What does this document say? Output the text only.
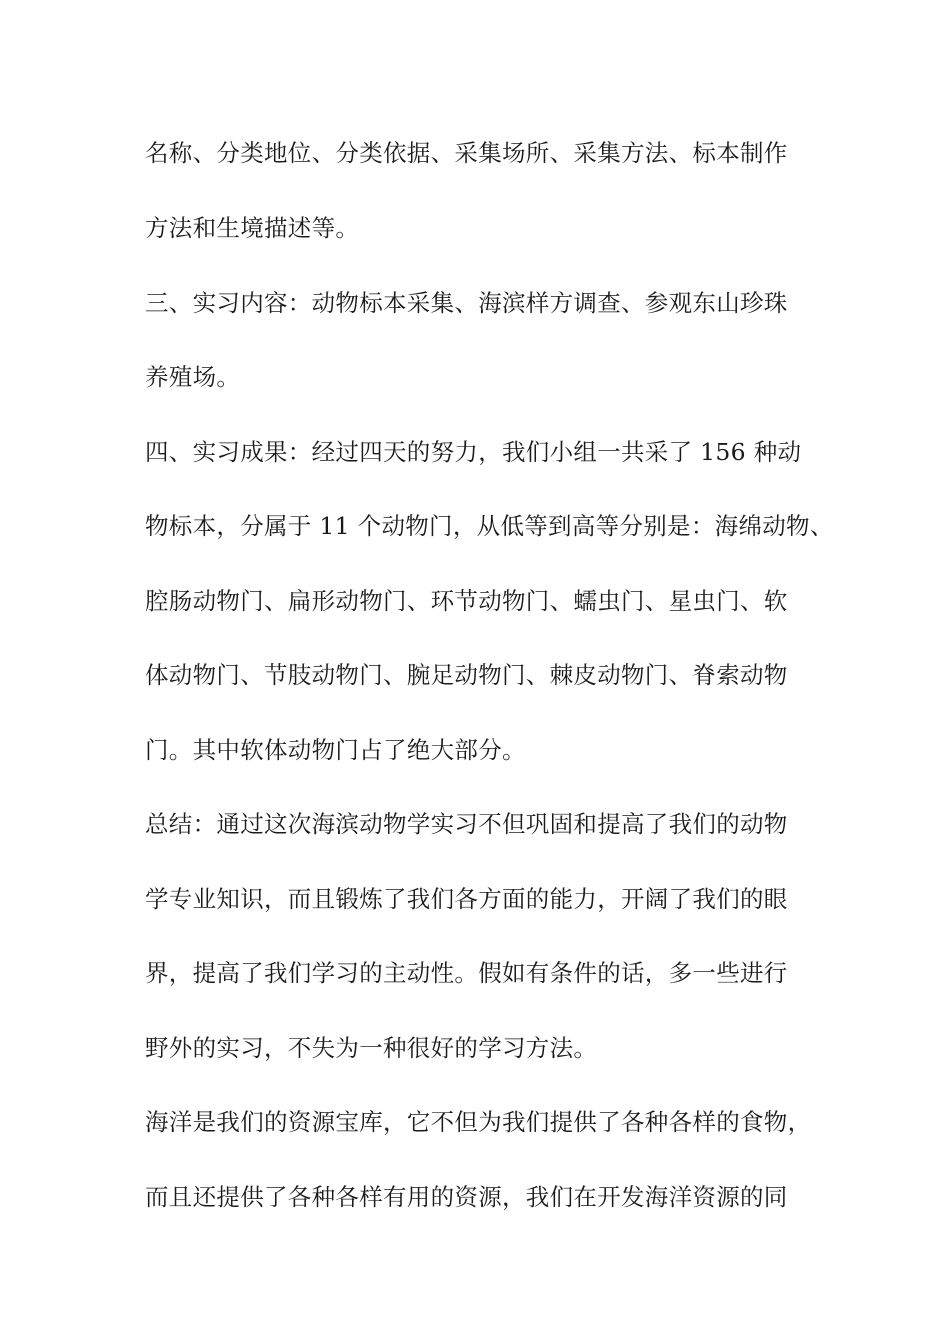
名称、分类地位、分类依据、采集场所、采集方法、标本制作
方法和生境描述等。
三、实习内容：动物标本采集、海滨样方调查、参观东山珍珠
养殖场。
四、实习成果：经过四天的努力，我们小组一共采了 156 种动
物标本，分属于 11 个动物门，从低等到高等分别是：海绵动物、
腔肠动物门、扁形动物门、环节动物门、蠕虫门、星虫门、软
体动物门、节肢动物门、腕足动物门、棘皮动物门、脊索动物
门。其中软体动物门占了绝大部分。
总结：通过这次海滨动物学实习不但巩固和提高了我们的动物
学专业知识，而且锻炼了我们各方面的能力，开阔了我们的眼
界，提高了我们学习的主动性。假如有条件的话，多一些进行
野外的实习，不失为一种很好的学习方法。
海洋是我们的资源宝库，它不但为我们提供了各种各样的食物，
而且还提供了各种各样有用的资源，我们在开发海洋资源的同
